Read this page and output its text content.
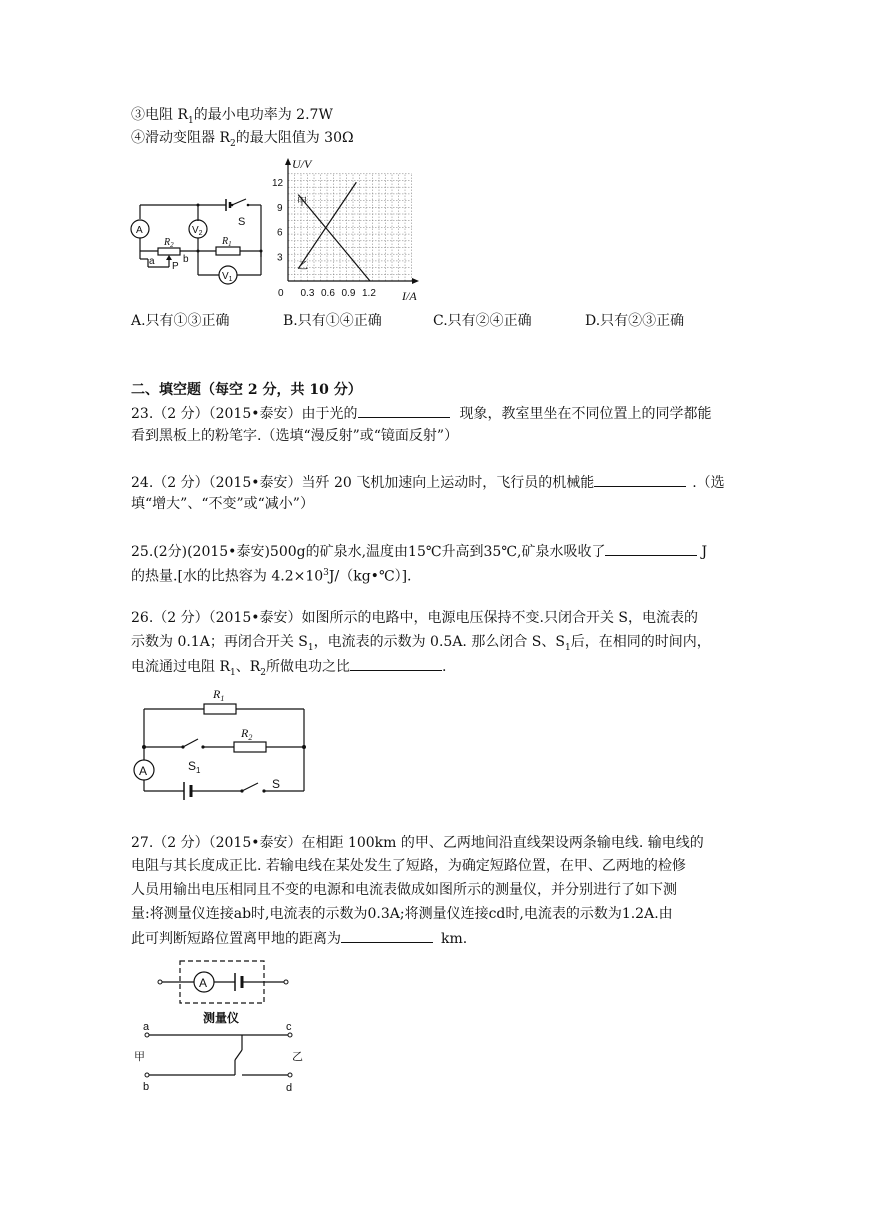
③电阻 $R_1$的最小电功率为 2.7W
④滑动变阻器 $R_2$的最大阻值为 30Ω
A	$V_2$
$V_1$
$R_2$	$R_1$
S
a P
b
U/V
I/A
0 0.3 0.6 0.9 1.2
3
6
9
12
甲
乙
A.只有①③正确	B.只有①④正确	C.只有②④正确	D.只有②③正确
二、填空题（每空 2 分，共 10 分）
23.（2 分）（2015•泰安）由于光的	现象，教室里坐在不同位置上的同学都能
看到黑板上的粉笔字.（选填“漫反射”或“镜面反射”）
24.（2 分）（2015•泰安）当歼 20 飞机加速向上运动时，飞行员的机械能	.（选
填“增大”、“不变”或“减小”）
25.(2分)(2015•泰安)500g的矿泉水,温度由15℃升高到35℃,矿泉水吸收了	J
的热量.[水的比热容为 $4.2\times 10^3J/(kg•℃)$].
26.（2 分）（2015•泰安）如图所示的电路中，电源电压保持不变.只闭合开关 S，电流表的
示数为 0.1A；再闭合开关 $S_1$，电流表的示数为 0.5A. 那么闭合 S、$S_1$后，在相同的时间内，
电流通过电阻 $R_1$、$R_2$所做电功之比	.
$R_1$
$R_2$
A	$S_1$
S
27.（2 分）（2015•泰安）在相距 100km 的甲、乙两地间沿直线架设两条输电线. 输电线的
电阻与其长度成正比. 若输电线在某处发生了短路，为确定短路位置，在甲、乙两地的检修
人员用输出电压相同且不变的电源和电流表做成如图所示的测量仪，并分别进行了如下测
量:将测量仪连接ab时,电流表的示数为0.3A;将测量仪连接cd时,电流表的示数为1.2A.由
此可判断短路位置离甲地的距离为	km.
A
测量仪
a
b
c
d
甲	乙
